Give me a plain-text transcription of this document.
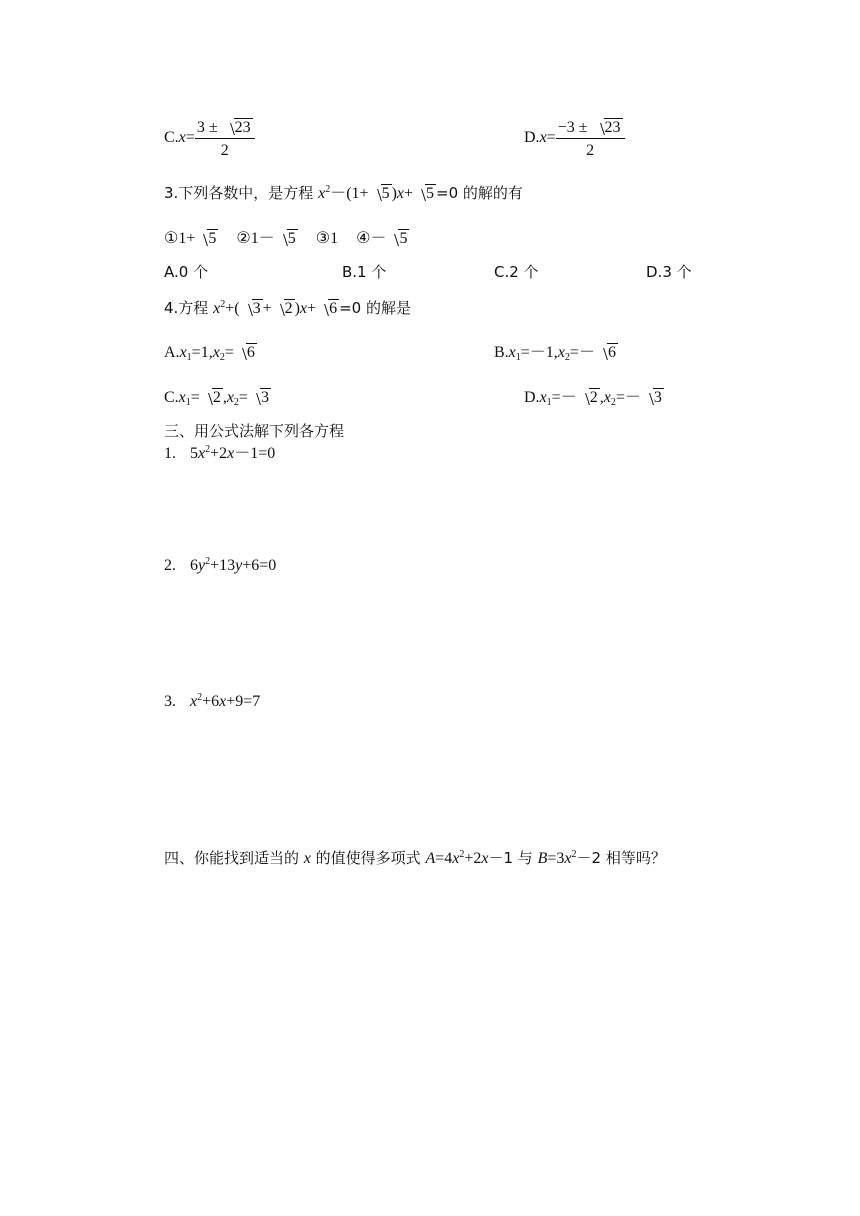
$C.x= \frac{3 \pm 23}{2}$	$D.x= \frac{-3 \pm 23}{2}$
3.下列各数中，是方程 $x^2-(1+ 5$ )x+ 5 =0 的解的有
①1+ 5 ②1－ 5 ③1 ④－ 5
A.0 个	B.1 个	C.2 个	D.3 个
4.方程 $x^2+$( 3 + 2 )x+ 6 =0 的解是
$A.x_1=1,x_2= 6$	$B.x_1=-1,x_2=- 6$
$C.x_1= 2$ $,x_2= 3$	$D.x_1=- 2$ $,x_2=- 3$
三、用公式法解下列各方程
1. $5x^2+2x-1=0$
2. $6y^2+13y+6=0$
3. $x^2+6x+9=7$
四、你能找到适当的 x 的值使得多项式 $A=4x^2+2x-1$ 与 $B=3x^2-2$ 相等吗？
